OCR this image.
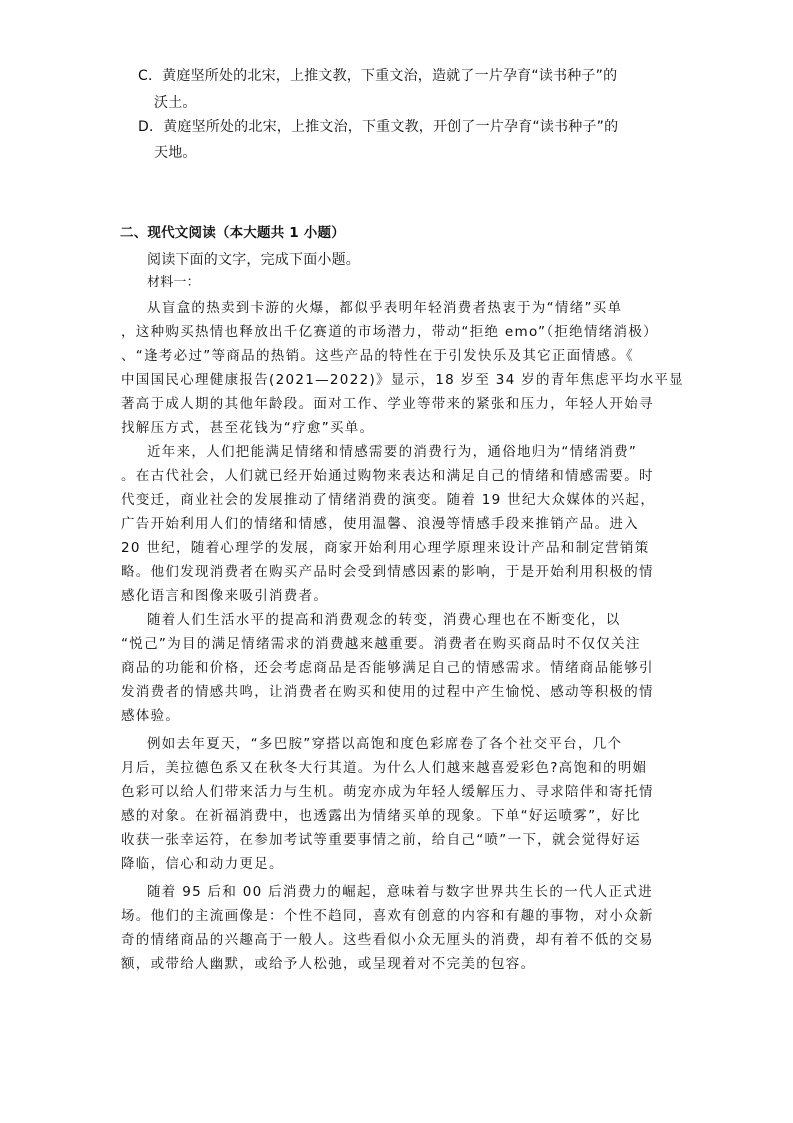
C．黄庭坚所处的北宋，上推文教，下重文治，造就了一片孕育“读书种子”的
沃土。
D．黄庭坚所处的北宋，上推文治，下重文教，开创了一片孕育“读书种子”的
天地。
二、现代文阅读（本大题共 1 小题）
阅读下面的文字，完成下面小题。
材料一：
从盲盒的热卖到卡游的火爆，都似乎表明年轻消费者热衷于为“情绪”买单
，这种购买热情也释放出千亿赛道的市场潜力，带动“拒绝 emo”（拒绝情绪消极）
、“逢考必过”等商品的热销。这些产品的特性在于引发快乐及其它正面情感。《
中国国民心理健康报告(2021—2022)》显示，18 岁至 34 岁的青年焦虑平均水平显
著高于成人期的其他年龄段。面对工作、学业等带来的紧张和压力，年轻人开始寻
找解压方式，甚至花钱为“疗愈”买单。
近年来，人们把能满足情绪和情感需要的消费行为，通俗地归为“情绪消费”
。在古代社会，人们就已经开始通过购物来表达和满足自己的情绪和情感需要。时
代变迁，商业社会的发展推动了情绪消费的演变。随着 19 世纪大众媒体的兴起，
广告开始利用人们的情绪和情感，使用温馨、浪漫等情感手段来推销产品。进入
20 世纪，随着心理学的发展，商家开始利用心理学原理来设计产品和制定营销策
略。他们发现消费者在购买产品时会受到情感因素的影响，于是开始利用积极的情
感化语言和图像来吸引消费者。
随着人们生活水平的提高和消费观念的转变，消费心理也在不断变化，以
“悦己”为目的满足情绪需求的消费越来越重要。消费者在购买商品时不仅仅关注
商品的功能和价格，还会考虑商品是否能够满足自己的情感需求。情绪商品能够引
发消费者的情感共鸣，让消费者在购买和使用的过程中产生愉悦、感动等积极的情
感体验。
例如去年夏天，“多巴胺”穿搭以高饱和度色彩席卷了各个社交平台，几个
月后，美拉德色系又在秋冬大行其道。为什么人们越来越喜爱彩色?高饱和的明媚
色彩可以给人们带来活力与生机。萌宠亦成为年轻人缓解压力、寻求陪伴和寄托情
感的对象。在祈福消费中，也透露出为情绪买单的现象。下单“好运喷雾”，好比
收获一张幸运符，在参加考试等重要事情之前，给自己“喷”一下，就会觉得好运
降临，信心和动力更足。
随着 95 后和 00 后消费力的崛起，意味着与数字世界共生长的一代人正式进
场。他们的主流画像是：个性不趋同，喜欢有创意的内容和有趣的事物，对小众新
奇的情绪商品的兴趣高于一般人。这些看似小众无厘头的消费，却有着不低的交易
额，或带给人幽默，或给予人松弛，或呈现着对不完美的包容。
